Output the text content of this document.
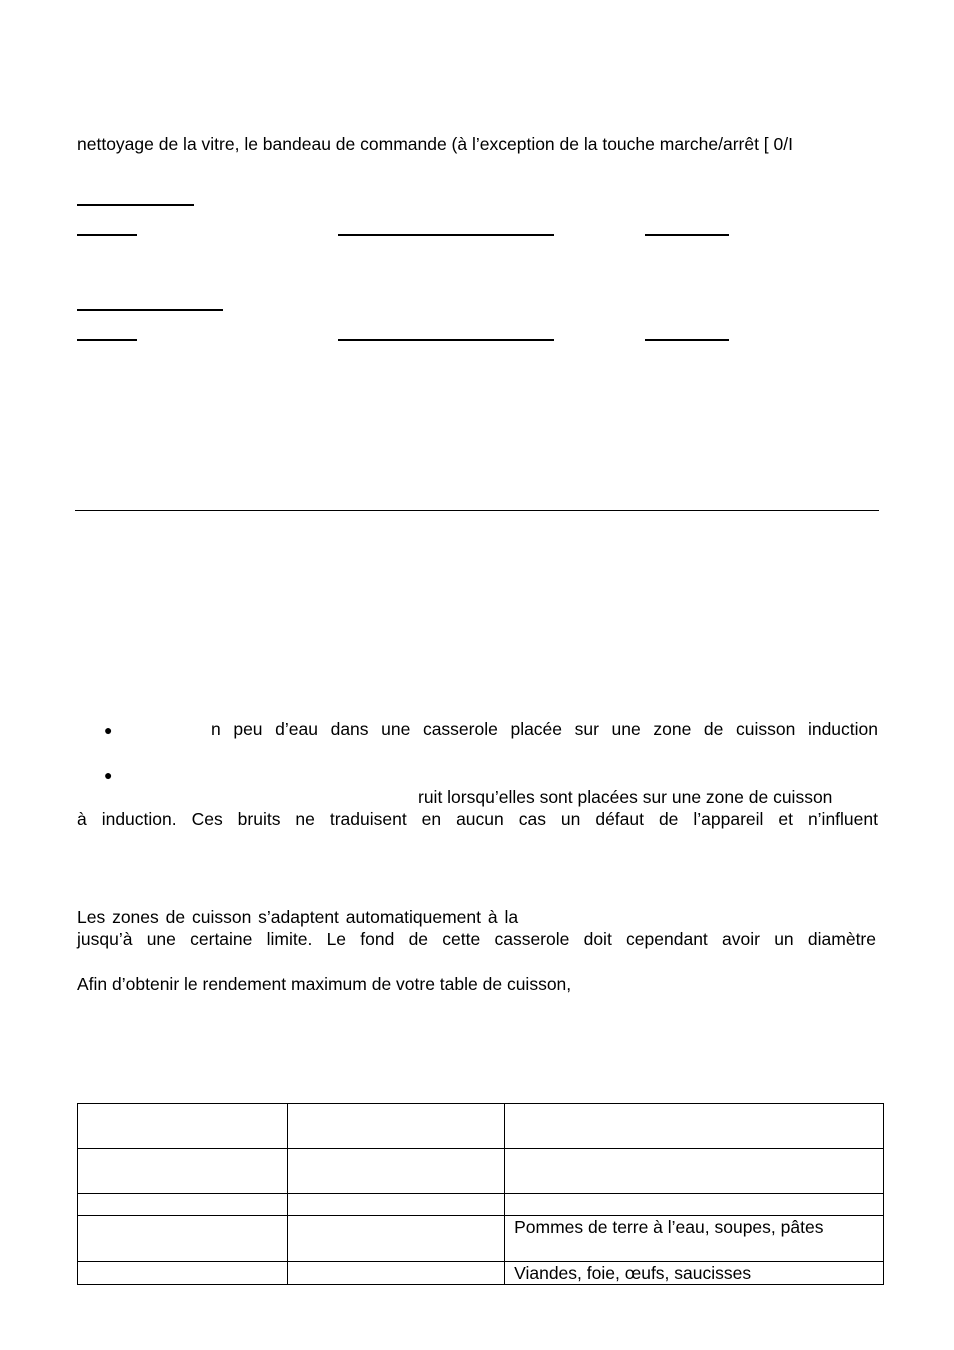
nettoyage de la vitre, le bandeau de commande (à l’exception de la touche marche/arrêt [ 0/I
●	n peu d’eau dans une casserole placée sur une zone de cuisson induction
●
ruit lorsqu’elles sont placées sur une zone de cuisson
à induction. Ces bruits ne traduisent en aucun cas un défaut de l’appareil et n’influent
Les zones de cuisson s’adaptent automatiquement à la
jusqu’à une certaine limite. Le fond de cette casserole doit cependant avoir un diamètre
Afin d’obtenir le rendement maximum de votre table de cuisson,

		Pommes de terre à l’eau, soupes, pâtes
		Viandes, foie, œufs, saucisses
